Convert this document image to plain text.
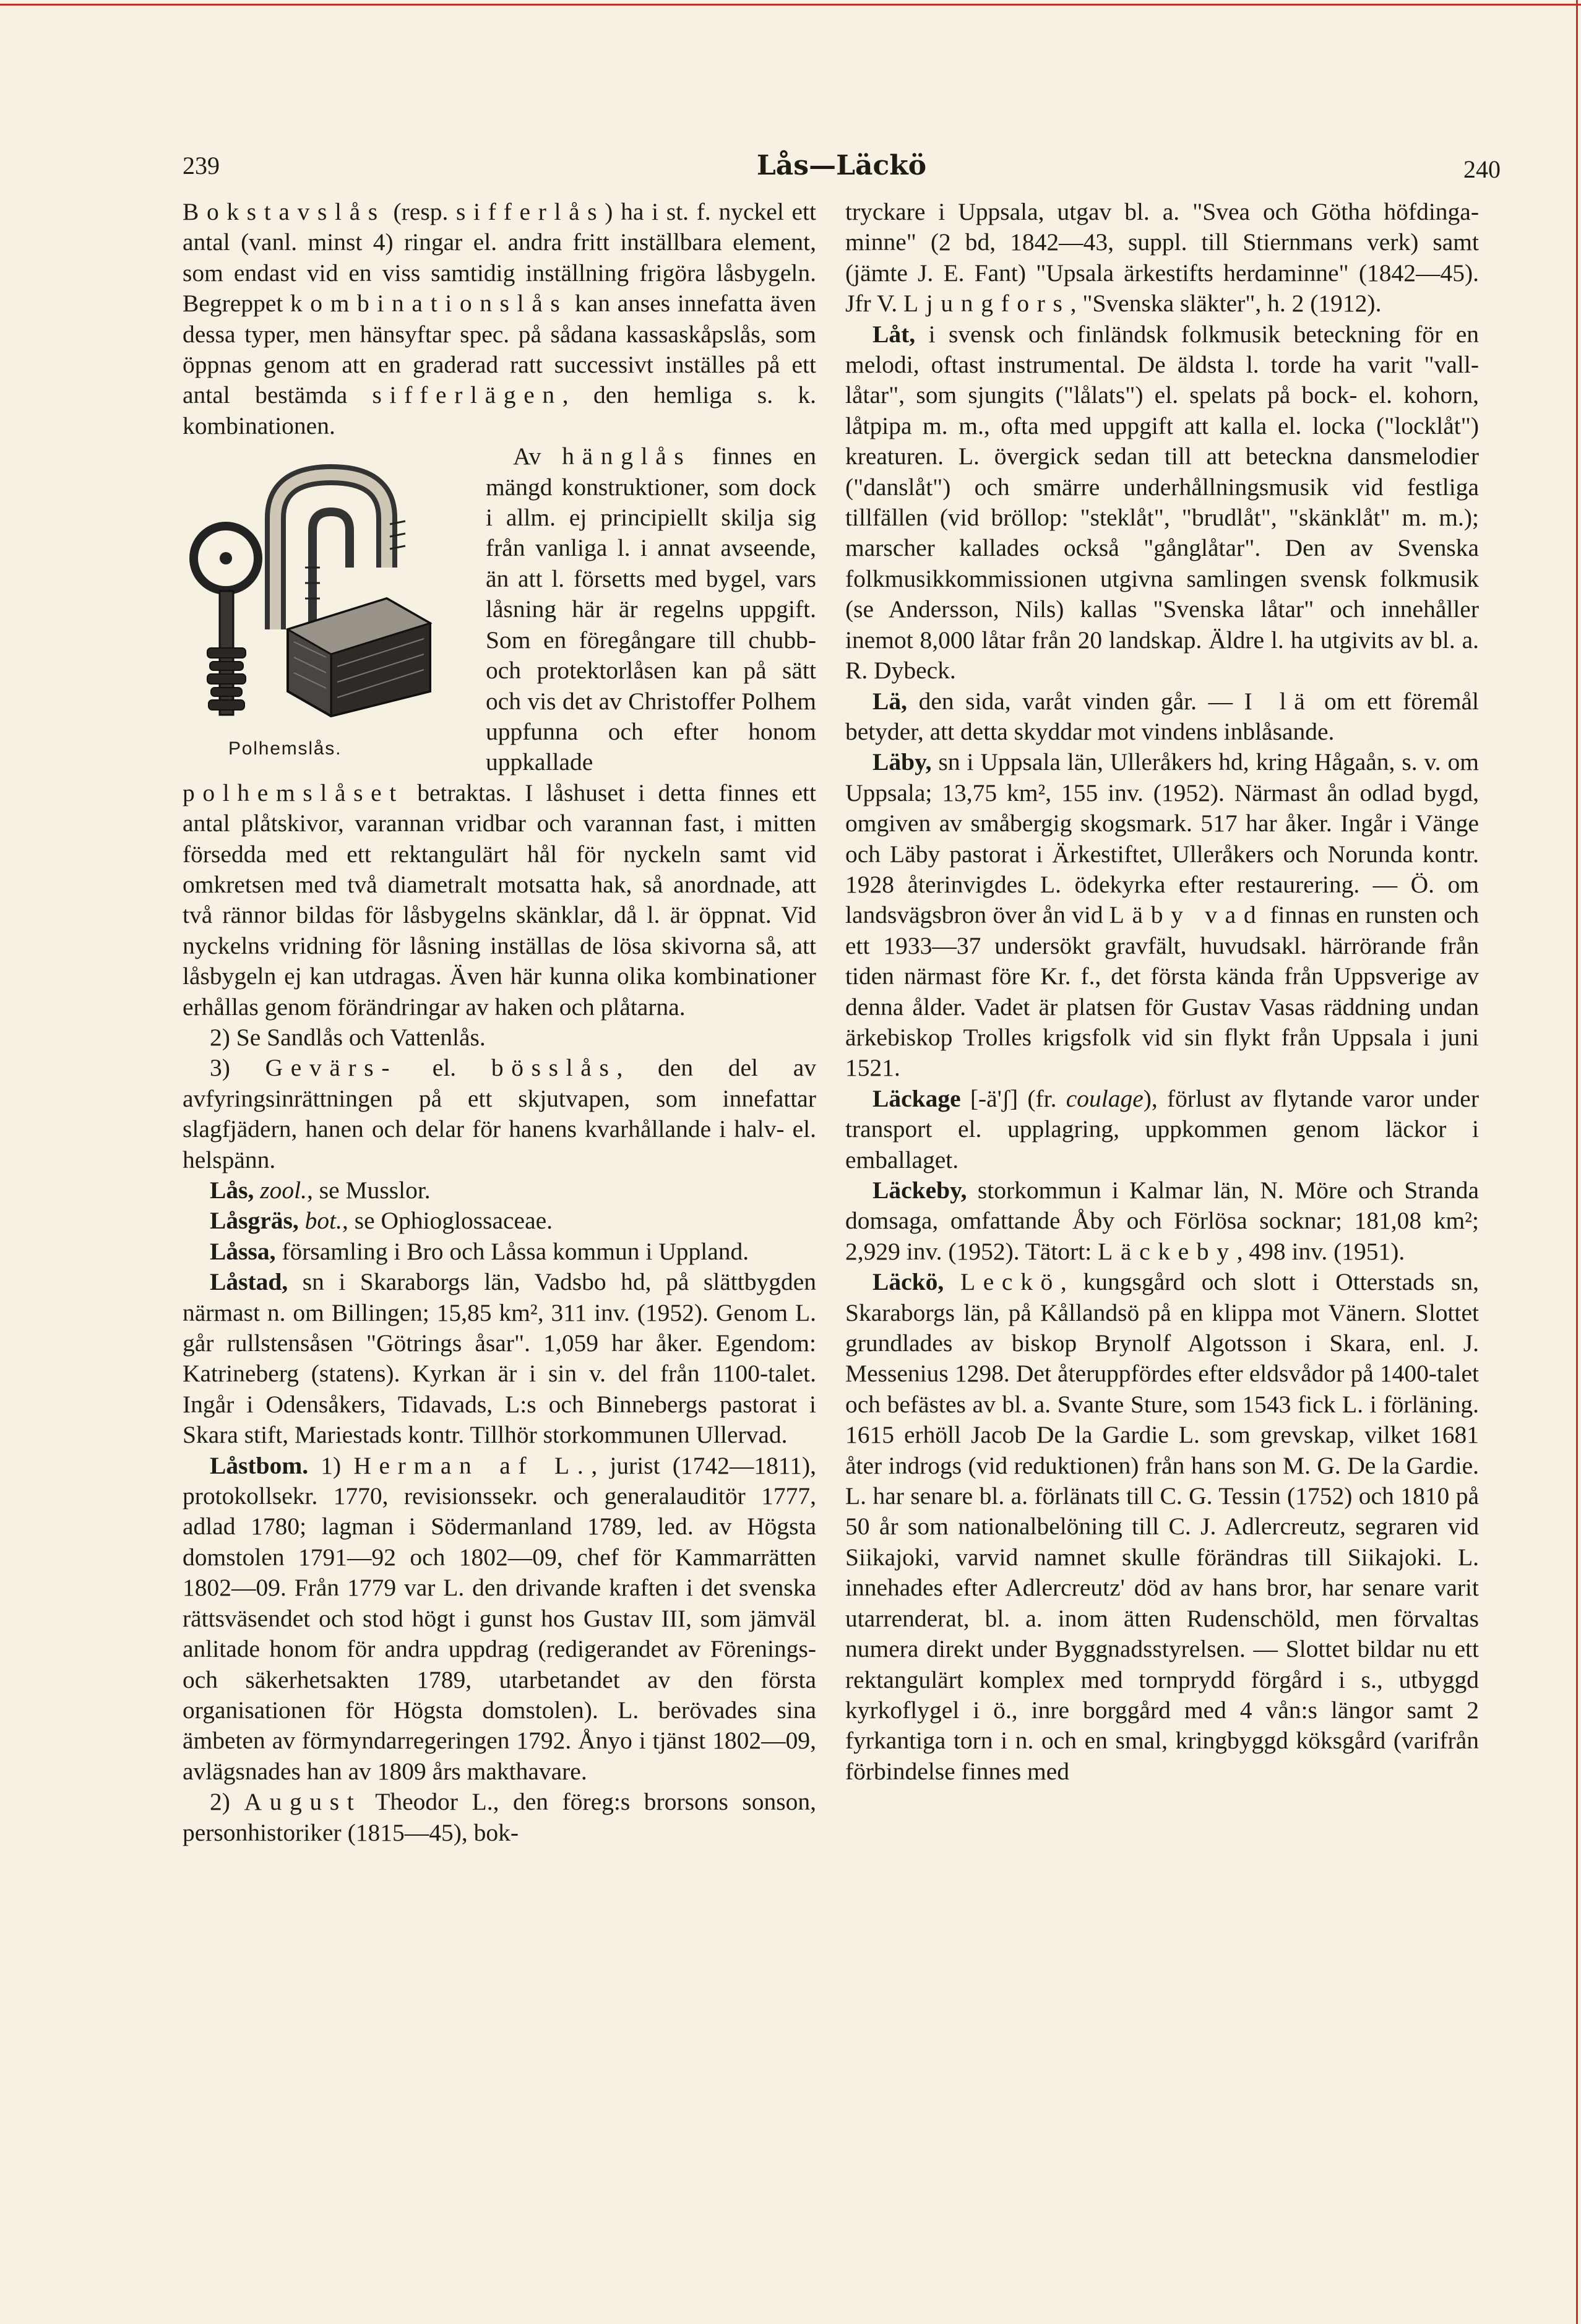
239	Lås—Läckö	240

Bokstavslås (resp. sifferlås) ha i st. f. nyckel ett antal (vanl. minst 4) ringar el. andra fritt inställbara element, som endast vid en viss samtidig inställning frigöra låsbygeln. Begreppet kombinationslås kan anses innefatta även dessa typer, men hänsyftar spec. på sådana kassaskåpslås, som öppnas genom att en graderad ratt successivt inställes på ett antal bestämda sifferlägen, den hemliga s. k. kombinationen.

Polhemslås.
Av hänglås finnes en mängd konstruktioner, som dock i allm. ej principiellt skilja sig från vanliga l. i annat avseende, än att l. försetts med bygel, vars låsning här är regelns uppgift. Som en föregångare till chubb- och protektorlåsen kan på sätt och vis det av Christoffer Polhem uppfunna och efter honom uppkallade polhemslåset betraktas. I låshuset i detta finnes ett antal plåtskivor, varannan vridbar och varannan fast, i mitten försedda med ett rektangulärt hål för nyckeln samt vid omkretsen med två diametralt motsatta hak, så anordnade, att två rännor bildas för låsbygelns skänklar, då l. är öppnat. Vid nyckelns vridning för låsning inställas de lösa skivorna så, att låsbygeln ej kan utdragas. Även här kunna olika kombinationer erhållas genom förändringar av haken och plåtarna.

2) Se Sandlås och Vattenlås.

3) Gevärs- el. bösslås, den del av avfyringsinrättningen på ett skjutvapen, som innefattar slagfjädern, hanen och delar för hanens kvarhållande i halv- el. helspänn.

Lås, zool., se Musslor.

Låsgräs, bot., se Ophioglossaceae.

Låssa, församling i Bro och Låssa kommun i Uppland.

Låstad, sn i Skaraborgs län, Vadsbo hd, på slättbygden närmast n. om Billingen; 15,85 km², 311 inv. (1952). Genom L. går rullstensåsen "Götrings åsar". 1,059 har åker. Egendom: Katrineberg (statens). Kyrkan är i sin v. del från 1100-talet. Ingår i Odensåkers, Tidavads, L:s och Binnebergs pastorat i Skara stift, Mariestads kontr. Tillhör storkommunen Ullervad.

Låstbom. 1) Herman af L., jurist (1742—1811), protokollsekr. 1770, revisionssekr. och generalauditör 1777, adlad 1780; lagman i Södermanland 1789, led. av Högsta domstolen 1791—92 och 1802—09, chef för Kammarrätten 1802—09. Från 1779 var L. den drivande kraften i det svenska rättsväsendet och stod högt i gunst hos Gustav III, som jämväl anlitade honom för andra uppdrag (redigerandet av Förenings- och säkerhetsakten 1789, utarbetandet av den första organisationen för Högsta domstolen). L. berövades sina ämbeten av förmyndarregeringen 1792. Ånyo i tjänst 1802—09, avlägsnades han av 1809 års makthavare.

2) August Theodor L., den föreg:s brorsons sonson, personhistoriker (1815—45), bok-

tryckare i Uppsala, utgav bl. a. "Svea och Götha höfdinga-minne" (2 bd, 1842—43, suppl. till Stiernmans verk) samt (jämte J. E. Fant) "Upsala ärkestifts herdaminne" (1842—45). Jfr V. Ljungfors, "Svenska släkter", h. 2 (1912).

Låt, i svensk och finländsk folkmusik beteckning för en melodi, oftast instrumental. De äldsta l. torde ha varit "vall-låtar", som sjungits ("lålats") el. spelats på bock- el. kohorn, låtpipa m. m., ofta med uppgift att kalla el. locka ("locklåt") kreaturen. L. övergick sedan till att beteckna dansmelodier ("danslåt") och smärre underhållningsmusik vid festliga tillfällen (vid bröllop: "steklåt", "brudlåt", "skänklåt" m. m.); marscher kallades också "gånglåtar". Den av Svenska folkmusikkommissionen utgivna samlingen svensk folkmusik (se Andersson, Nils) kallas "Svenska låtar" och innehåller inemot 8,000 låtar från 20 landskap. Äldre l. ha utgivits av bl. a. R. Dybeck.

Lä, den sida, varåt vinden går. — I lä om ett föremål betyder, att detta skyddar mot vindens inblåsande.

Läby, sn i Uppsala län, Ulleråkers hd, kring Hågaån, s. v. om Uppsala; 13,75 km², 155 inv. (1952). Närmast ån odlad bygd, omgiven av småbergig skogsmark. 517 har åker. Ingår i Vänge och Läby pastorat i Ärkestiftet, Ulleråkers och Norunda kontr. 1928 återinvigdes L. ödekyrka efter restaurering. — Ö. om landsvägsbron över ån vid Läby vad finnas en runsten och ett 1933—37 undersökt gravfält, huvudsakl. härrörande från tiden närmast före Kr. f., det första kända från Uppsverige av denna ålder. Vadet är platsen för Gustav Vasas räddning undan ärkebiskop Trolles krigsfolk vid sin flykt från Uppsala i juni 1521.

Läckage [-ä'ʃ] (fr. coulage), förlust av flytande varor under transport el. upplagring, uppkommen genom läckor i emballaget.

Läckeby, storkommun i Kalmar län, N. Möre och Stranda domsaga, omfattande Åby och Förlösa socknar; 181,08 km²; 2,929 inv. (1952). Tätort: Läckeby, 498 inv. (1951).

Läckö, Leckö, kungsgård och slott i Otterstads sn, Skaraborgs län, på Kållandsö på en klippa mot Vänern. Slottet grundlades av biskop Brynolf Algotsson i Skara, enl. J. Messenius 1298. Det återuppfördes efter eldsvådor på 1400-talet och befästes av bl. a. Svante Sture, som 1543 fick L. i förläning. 1615 erhöll Jacob De la Gardie L. som grevskap, vilket 1681 åter indrogs (vid reduktionen) från hans son M. G. De la Gardie. L. har senare bl. a. förlänats till C. G. Tessin (1752) och 1810 på 50 år som nationalbelöning till C. J. Adlercreutz, segraren vid Siikajoki, varvid namnet skulle förändras till Siikajoki. L. innehades efter Adlercreutz' död av hans bror, har senare varit utarrenderat, bl. a. inom ätten Rudenschöld, men förvaltas numera direkt under Byggnadsstyrelsen. — Slottet bildar nu ett rektangulärt komplex med tornprydd förgård i s., utbyggd kyrkoflygel i ö., inre borggård med 4 vån:s längor samt 2 fyrkantiga torn i n. och en smal, kringbyggd köksgård (varifrån förbindelse finnes med
